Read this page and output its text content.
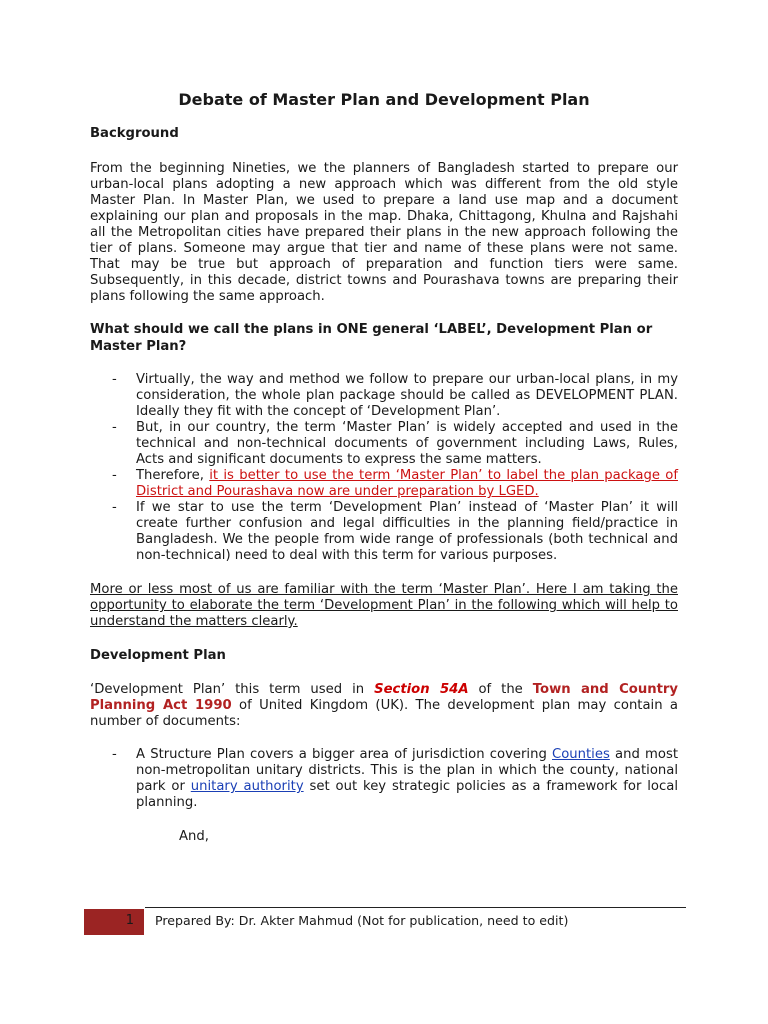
Debate of Master Plan and Development Plan
Background
From the beginning Nineties, we the planners of Bangladesh started to prepare our urban-local plans adopting a new approach which was different from the old style Master Plan. In Master Plan, we used to prepare a land use map and a document explaining our plan and proposals in the map. Dhaka, Chittagong, Khulna and Rajshahi all the Metropolitan cities have prepared their plans in the new approach following the tier of plans. Someone may argue that tier and name of these plans were not same. That may be true but approach of preparation and function tiers were same. Subsequently, in this decade, district towns and Pourashava towns are preparing their plans following the same approach.
What should we call the plans in ONE general ‘LABEL’, Development Plan or Master Plan?
- Virtually, the way and method we follow to prepare our urban-local plans, in my consideration, the whole plan package should be called as DEVELOPMENT PLAN. Ideally they fit with the concept of ‘Development Plan’.
- But, in our country, the term ‘Master Plan’ is widely accepted and used in the technical and non-technical documents of government including Laws, Rules, Acts and significant documents to express the same matters.
- Therefore, it is better to use the term ‘Master Plan’ to label the plan package of District and Pourashava now are under preparation by LGED.
- If we star to use the term ‘Development Plan’ instead of ‘Master Plan’ it will create further confusion and legal difficulties in the planning field/practice in Bangladesh. We the people from wide range of professionals (both technical and non-technical) need to deal with this term for various purposes.
More or less most of us are familiar with the term ‘Master Plan’. Here I am taking the opportunity to elaborate the term ‘Development Plan’ in the following which will help to understand the matters clearly.
Development Plan
‘Development Plan’ this term used in Section 54A of the Town and Country Planning Act 1990 of United Kingdom (UK). The development plan may contain a number of documents:
- A Structure Plan covers a bigger area of jurisdiction covering Counties and most non-metropolitan unitary districts. This is the plan in which the county, national park or unitary authority set out key strategic policies as a framework for local planning.
And,
1 Prepared By: Dr. Akter Mahmud (Not for publication, need to edit)
